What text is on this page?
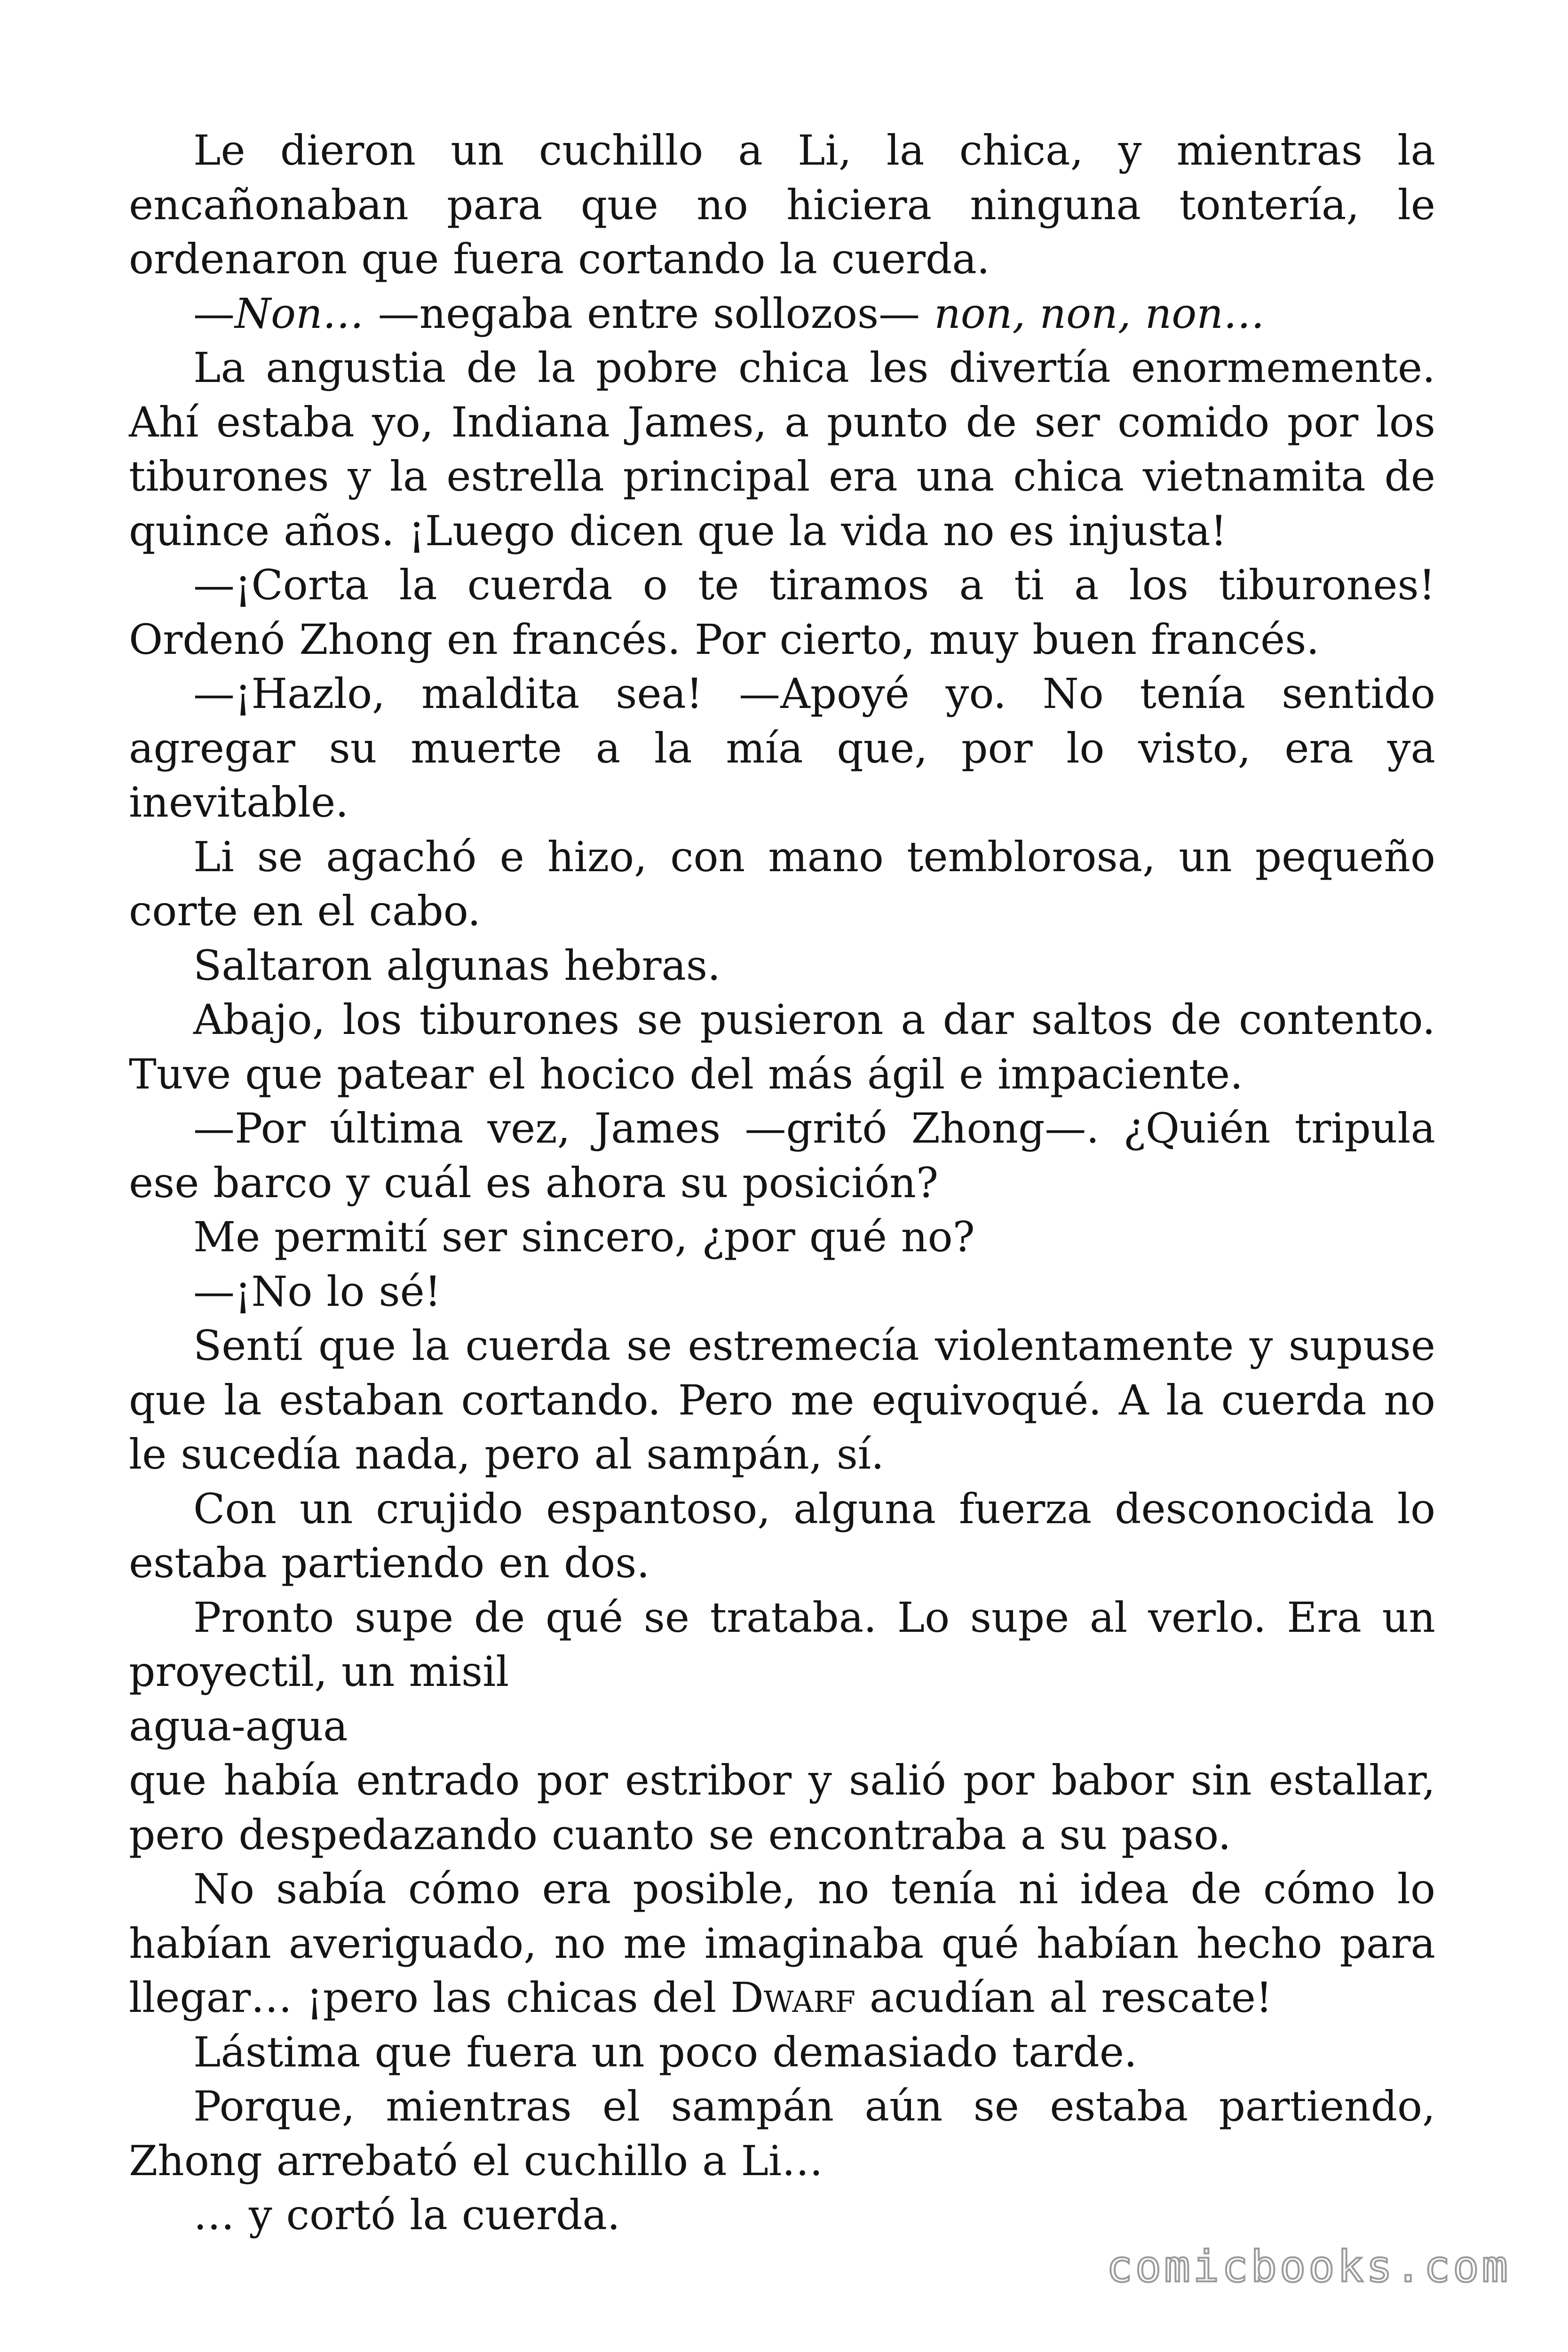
Le dieron un cuchillo a Li, la chica, y mientras la encañonaban para que no hiciera ninguna tontería, le ordenaron que fuera cortando la cuerda.

—Non… —negaba entre sollozos— non, non, non…

La angustia de la pobre chica les divertía enormemente. Ahí estaba yo, Indiana James, a punto de ser comido por los tiburones y la estrella principal era una chica vietnamita de quince años. ¡Luego dicen que la vida no es injusta!

—¡Corta la cuerda o te tiramos a ti a los tiburones! Ordenó Zhong en francés. Por cierto, muy buen francés.

—¡Hazlo, maldita sea! —Apoyé yo. No tenía sentido agregar su muerte a la mía que, por lo visto, era ya inevitable.

Li se agachó e hizo, con mano temblorosa, un pequeño corte en el cabo.

Saltaron algunas hebras.

Abajo, los tiburones se pusieron a dar saltos de contento. Tuve que patear el hocico del más ágil e impaciente.

—Por última vez, James —gritó Zhong—. ¿Quién tripula ese barco y cuál es ahora su posición?

Me permití ser sincero, ¿por qué no?

—¡No lo sé!

Sentí que la cuerda se estremecía violentamente y supuse que la estaban cortando. Pero me equivoqué. A la cuerda no le sucedía nada, pero al sampán, sí.

Con un crujido espantoso, alguna fuerza desconocida lo estaba partiendo en dos.

Pronto supe de qué se trataba. Lo supe al verlo. Era un proyectil, un misil

agua-agua

que había entrado por estribor y salió por babor sin estallar, pero despedazando cuanto se encontraba a su paso.

No sabía cómo era posible, no tenía ni idea de cómo lo habían averiguado, no me imaginaba qué habían hecho para llegar… ¡pero las chicas del Dwarf acudían al rescate!

Lástima que fuera un poco demasiado tarde.

Porque, mientras el sampán aún se estaba partiendo, Zhong arrebató el cuchillo a Li…

… y cortó la cuerda.

comicbooks.com
